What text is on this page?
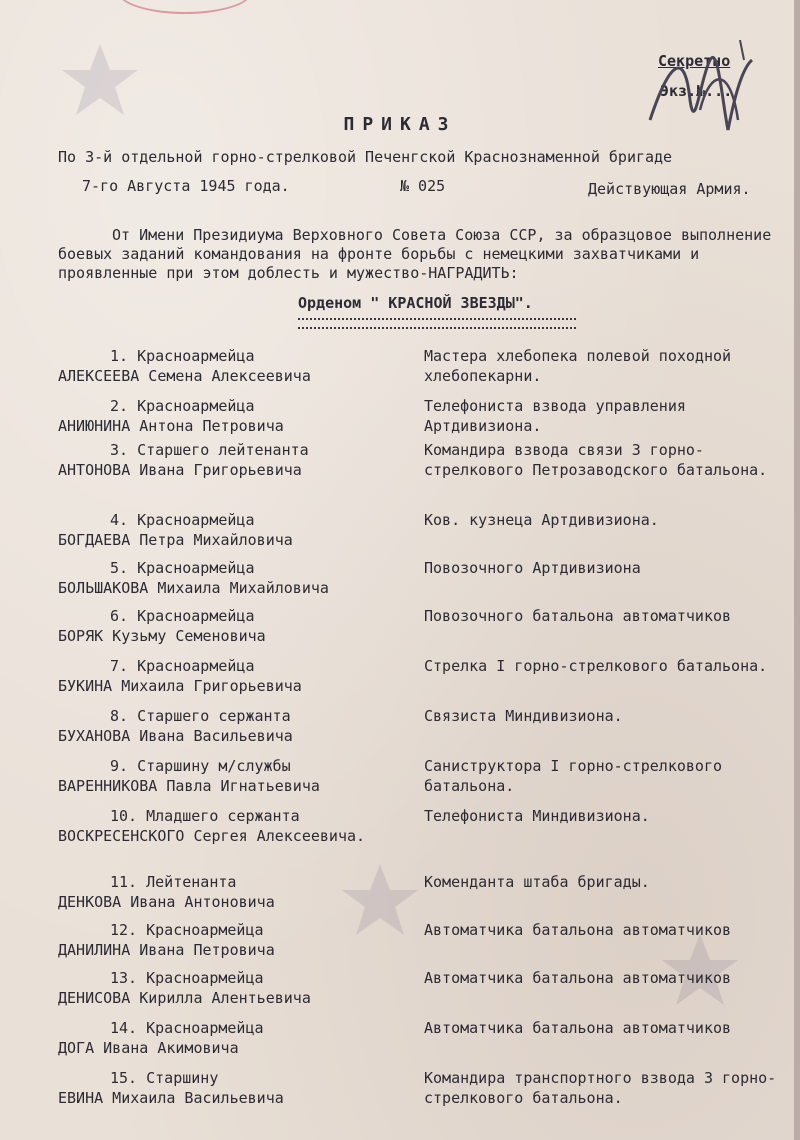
Секретно
Экз.№...
ПРИКАЗ
По 3-й отдельной горно-стрелковой Печенгской Краснознаменной бригаде
7-го Августа 1945 года.	№ 025	Действующая Армия.
От Имени Президиума Верховного Совета Союза ССР, за образцовое выполнение боевых заданий командования на фронте борьбы с немецкими захватчиками и проявленные при этом доблесть и мужество-НАГРАДИТЬ:
Орденом " КРАСНОЙ ЗВЕЗДЫ".
1. Красноармейца
АЛЕКСЕЕВА Семена Алексеевича
Мастера хлебопека полевой походной хлебопекарни.
2. Красноармейца
АНИЮНИНА Антона Петровича
Телефониста взвода управления Артдивизиона.
3. Старшего лейтенанта
АНТОНОВА Ивана Григорьевича
Командира взвода связи 3 горно-стрелкового Петрозаводского батальона.
4. Красноармейца
БОГДАЕВА Петра Михайловича
Ков. кузнеца Артдивизиона.
5. Красноармейца
БОЛЬШАКОВА Михаила Михайловича
Повозочного Артдивизиона
6. Красноармейца
БОРЯК Кузьму Семеновича
Повозочного батальона автоматчиков
7. Красноармейца
БУКИНА Михаила Григорьевича
Стрелка I горно-стрелкового батальона.
8. Старшего сержанта
БУХАНОВА Ивана Васильевича
Связиста Миндивизиона.
9. Старшину м/службы
ВАРЕННИКОВА Павла Игнатьевича
Саниструктора I горно-стрелкового батальона.
10. Младшего сержанта
ВОСКРЕСЕНСКОГО Сергея Алексеевича.
Телефониста Миндивизиона.
11. Лейтенанта
ДЕНКОВА Ивана Антоновича
Коменданта штаба бригады.
12. Красноармейца
ДАНИЛИНА Ивана Петровича
Автоматчика батальона автоматчиков
13. Красноармейца
ДЕНИСОВА Кирилла Алентьевича
Автоматчика батальона автоматчиков
14. Красноармейца
ДОГА Ивана Акимовича
Автоматчика батальона автоматчиков
15. Старшину
ЕВИНА Михаила Васильевича
Командира транспортного взвода 3 горно-стрелкового батальона.
